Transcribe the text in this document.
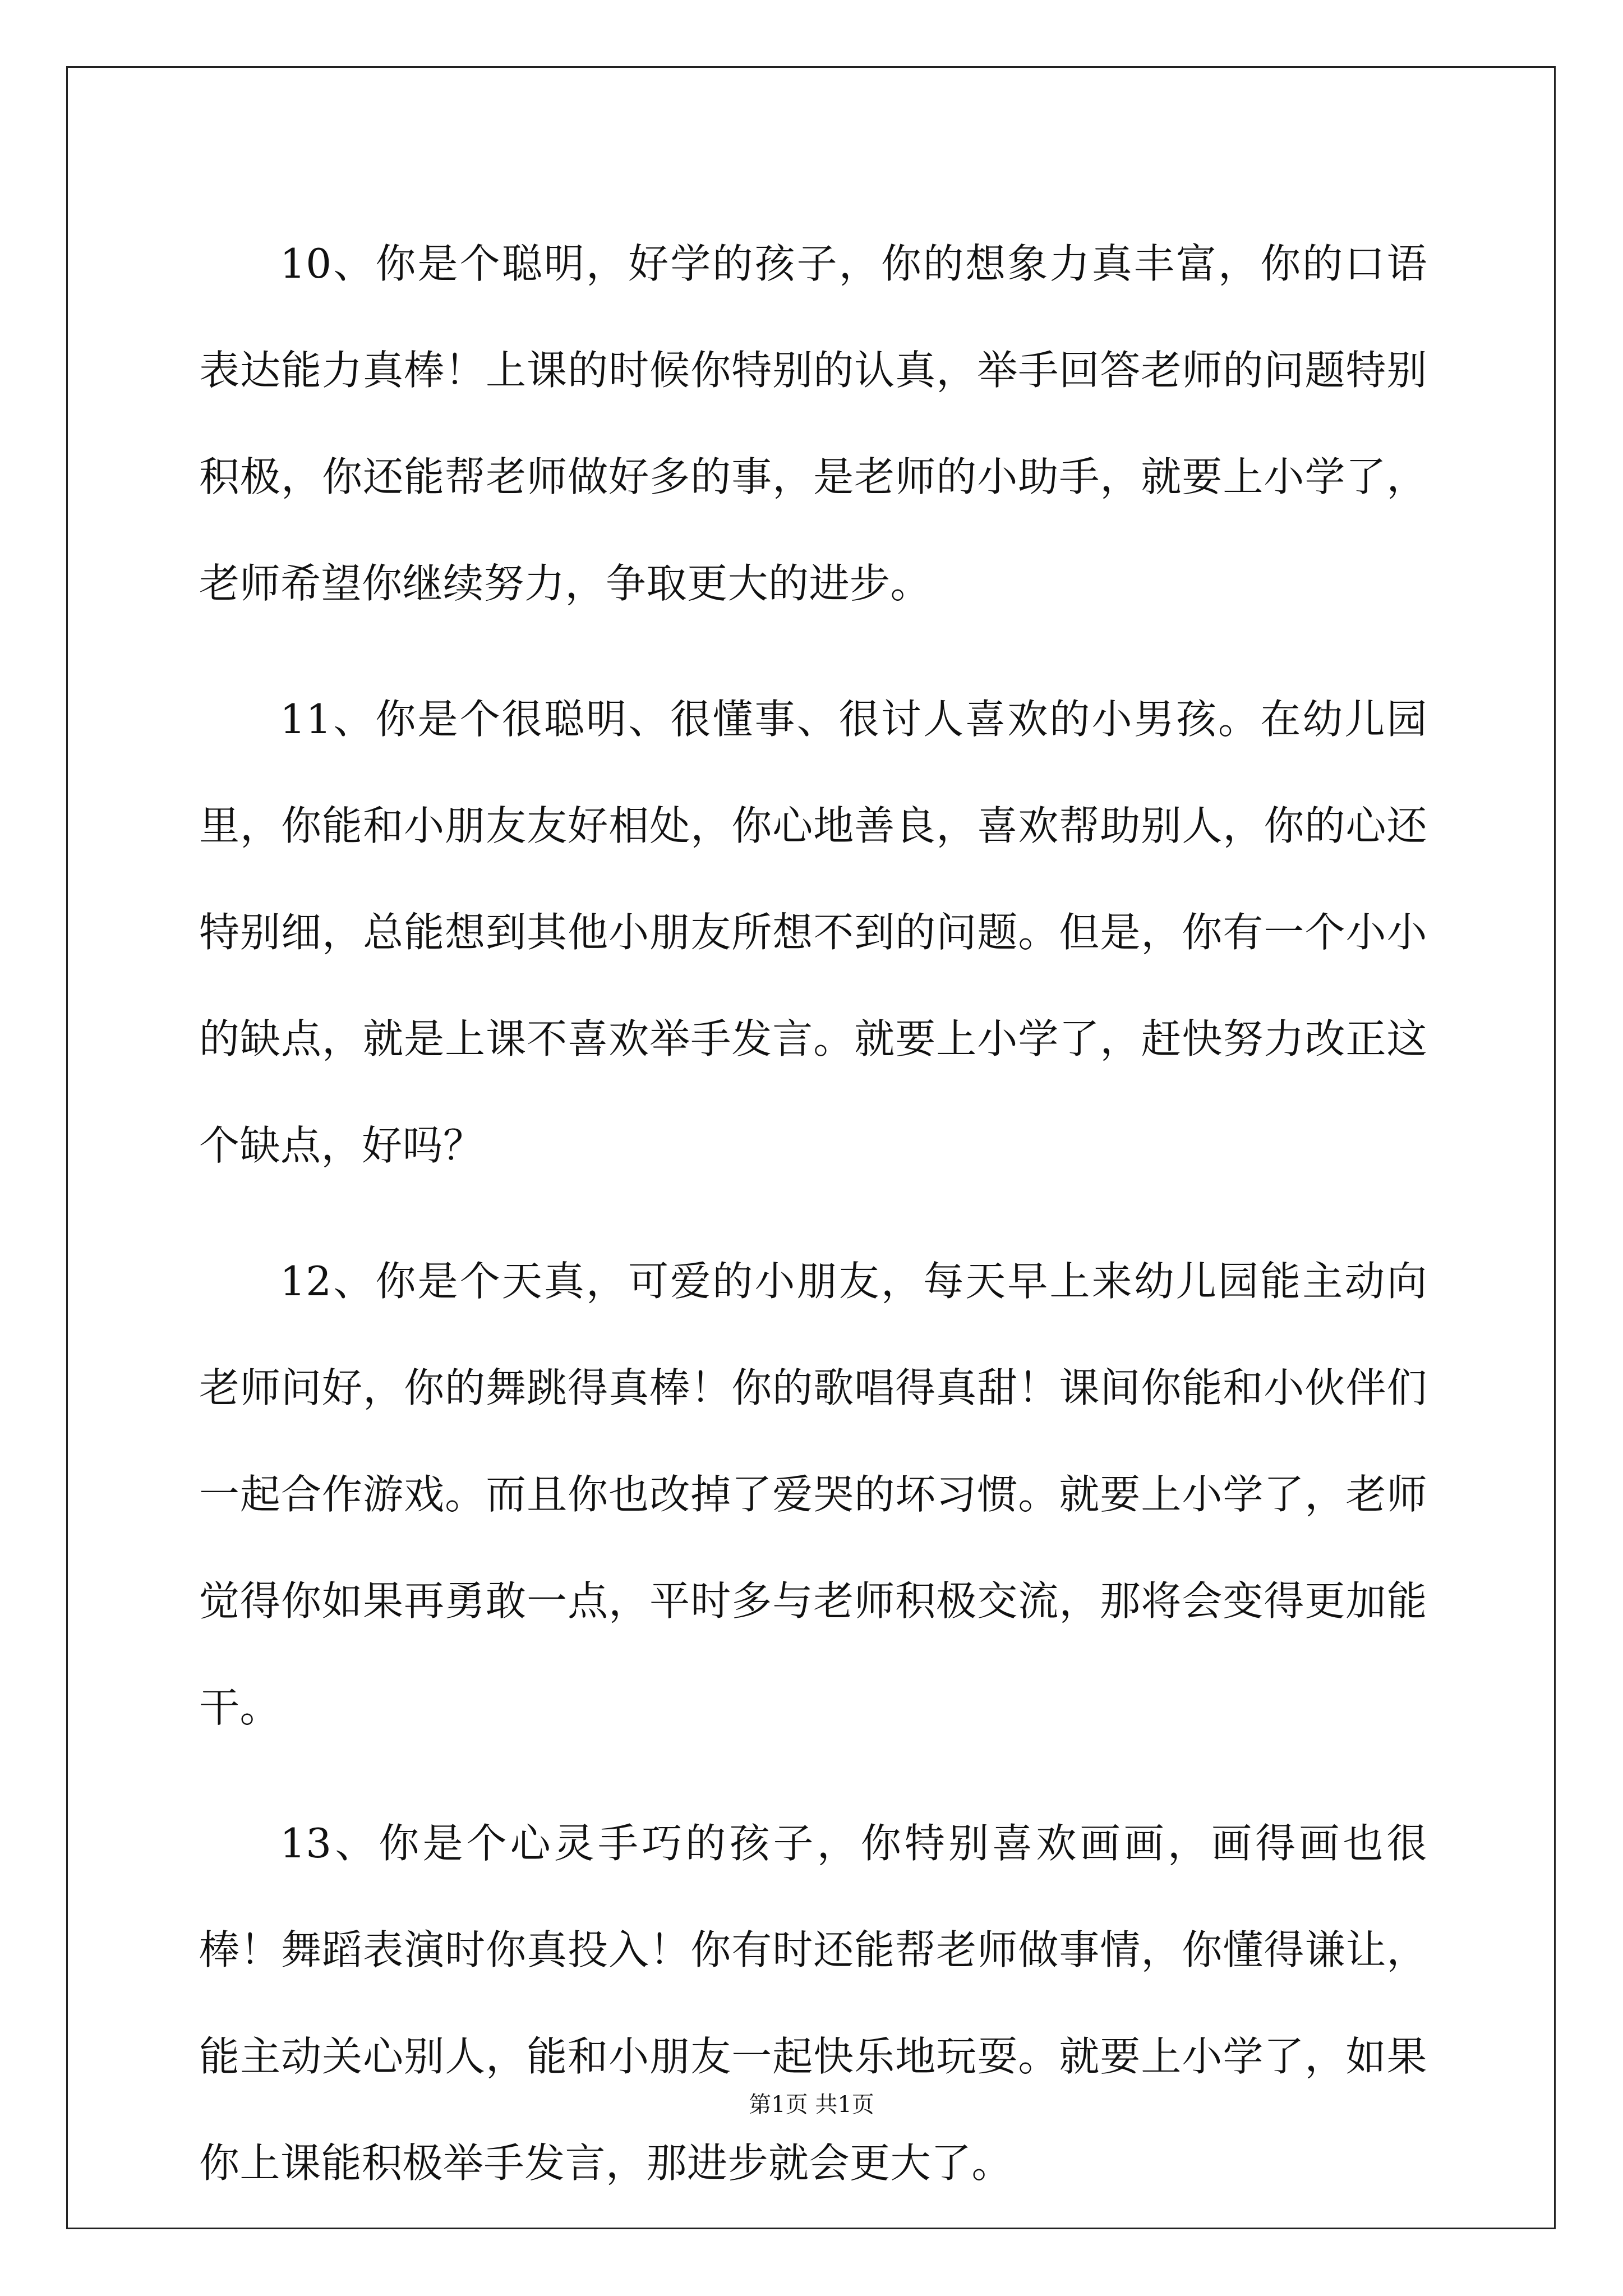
10、你是个聪明，好学的孩子，你的想象力真丰富，你的口语表达能力真棒！上课的时候你特别的认真，举手回答老师的问题特别积极，你还能帮老师做好多的事，是老师的小助手，就要上小学了，老师希望你继续努力，争取更大的进步。

11、你是个很聪明、很懂事、很讨人喜欢的小男孩。在幼儿园里，你能和小朋友友好相处，你心地善良，喜欢帮助别人，你的心还特别细，总能想到其他小朋友所想不到的问题。但是，你有一个小小的缺点，就是上课不喜欢举手发言。就要上小学了，赶快努力改正这个缺点，好吗？

12、你是个天真，可爱的小朋友，每天早上来幼儿园能主动向老师问好，你的舞跳得真棒！你的歌唱得真甜！课间你能和小伙伴们一起合作游戏。而且你也改掉了爱哭的坏习惯。就要上小学了，老师觉得你如果再勇敢一点，平时多与老师积极交流，那将会变得更加能干。

13、你是个心灵手巧的孩子，你特别喜欢画画，画得画也很棒！舞蹈表演时你真投入！你有时还能帮老师做事情，你懂得谦让，能主动关心别人，能和小朋友一起快乐地玩耍。就要上小学了，如果你上课能积极举手发言，那进步就会更大了。

第1页 共1页
